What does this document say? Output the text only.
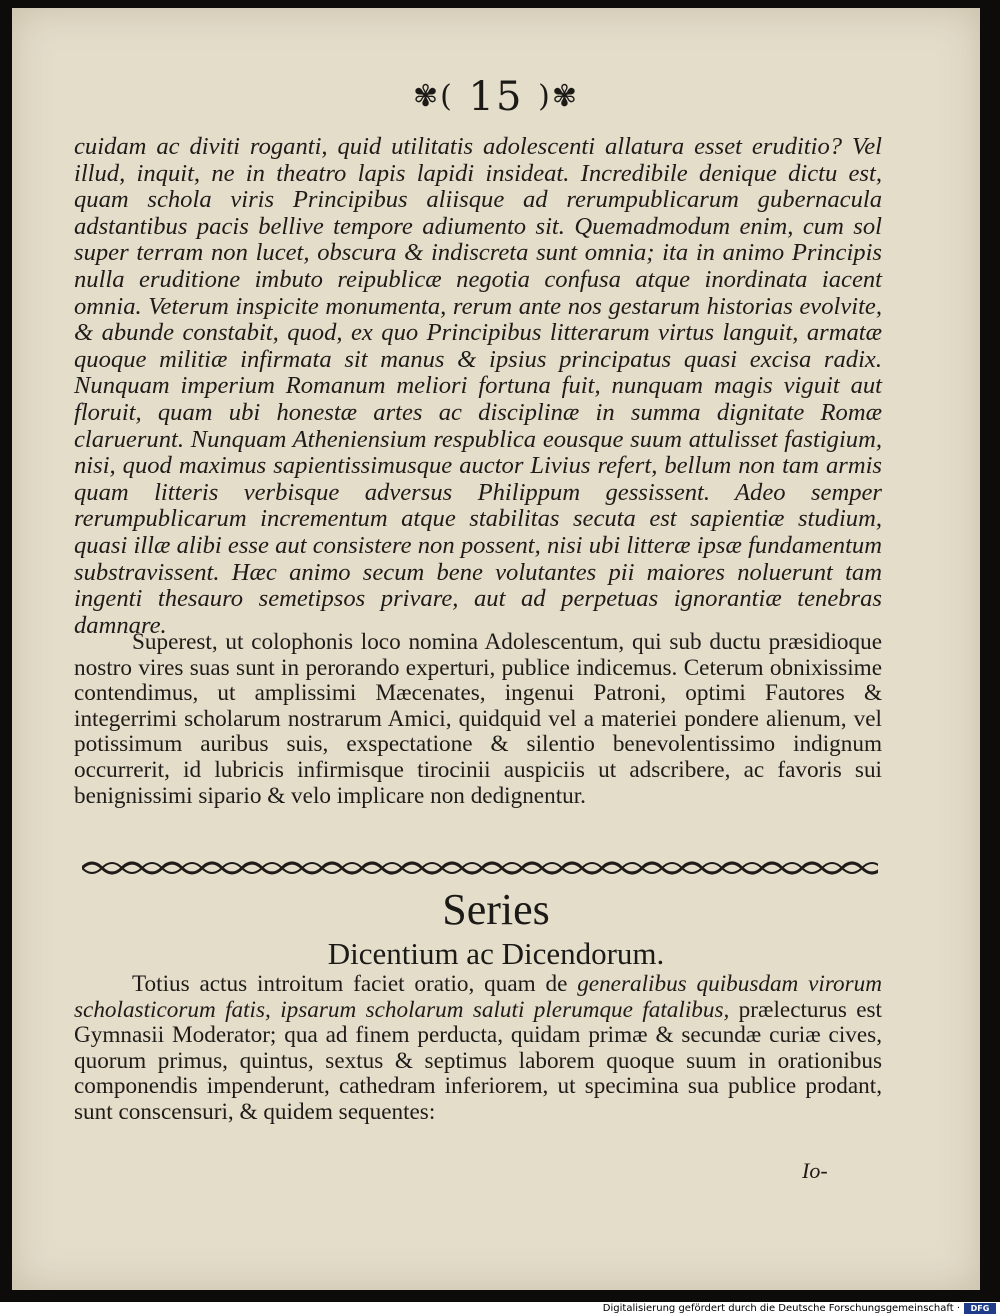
✾( 15 )✾

cuidam ac diviti roganti, quid utilitatis adolescenti allatura esset eruditio? Vel illud, inquit, ne in theatro lapis lapidi insideat. Incredibile denique dictu est, quam schola viris Principibus aliisque ad rerumpublicarum gubernacula adstantibus pacis bellive tempore adiumento sit. Quemadmodum enim, cum sol super terram non lucet, obscura & indiscreta sunt omnia; ita in animo Principis nulla eruditione imbuto reipublicæ negotia confusa atque inordinata iacent omnia. Veterum inspicite monumenta, rerum ante nos gestarum historias evolvite, & abunde constabit, quod, ex quo Principibus litterarum virtus languit, armatæ quoque militiæ infirmata sit manus & ipsius principatus quasi excisa radix. Nunquam imperium Romanum meliori fortuna fuit, nunquam magis viguit aut floruit, quam ubi honestæ artes ac disciplinæ in summa dignitate Romæ claruerunt. Nunquam Atheniensium respublica eousque suum attulisset fastigium, nisi, quod maximus sapientissimusque auctor Livius refert, bellum non tam armis quam litteris verbisque adversus Philippum gessissent. Adeo semper rerumpublicarum incrementum atque stabilitas secuta est sapientiæ studium, quasi illæ alibi esse aut consistere non possent, nisi ubi litteræ ipsæ fundamentum substravissent. Hæc animo secum bene volutantes pii maiores noluerunt tam ingenti thesauro semetipsos privare, aut ad perpetuas ignorantiæ tenebras damnare.

Superest, ut colophonis loco nomina Adolescentum, qui sub ductu præsidioque nostro vires suas sunt in perorando experturi, publice indicemus. Ceterum obnixissime contendimus, ut amplissimi Mæcenates, ingenui Patroni, optimi Fautores & integerrimi scholarum nostrarum Amici, quidquid vel a materiei pondere alienum, vel potissimum auribus suis, exspectatione & silentio benevolentissimo indignum occurrerit, id lubricis infirmisque tirocinii auspiciis ut adscribere, ac favoris sui benignissimi sipario & velo implicare non dedignentur.

Series
Dicentium ac Dicendorum.

Totius actus introitum faciet oratio, quam de generalibus quibusdam virorum scholasticorum fatis, ipsarum scholarum saluti plerumque fatalibus, prælecturus est Gymnasii Moderator; qua ad finem perducta, quidam primæ & secundæ curiæ cives, quorum primus, quintus, sextus & septimus laborem quoque suum in orationibus componendis impenderunt, cathedram inferiorem, ut specimina sua publice prodant, sunt conscensuri, & quidem sequentes:

Io-
Digitalisierung gefördert durch die Deutsche Forschungsgemeinschaft ·	DFG
